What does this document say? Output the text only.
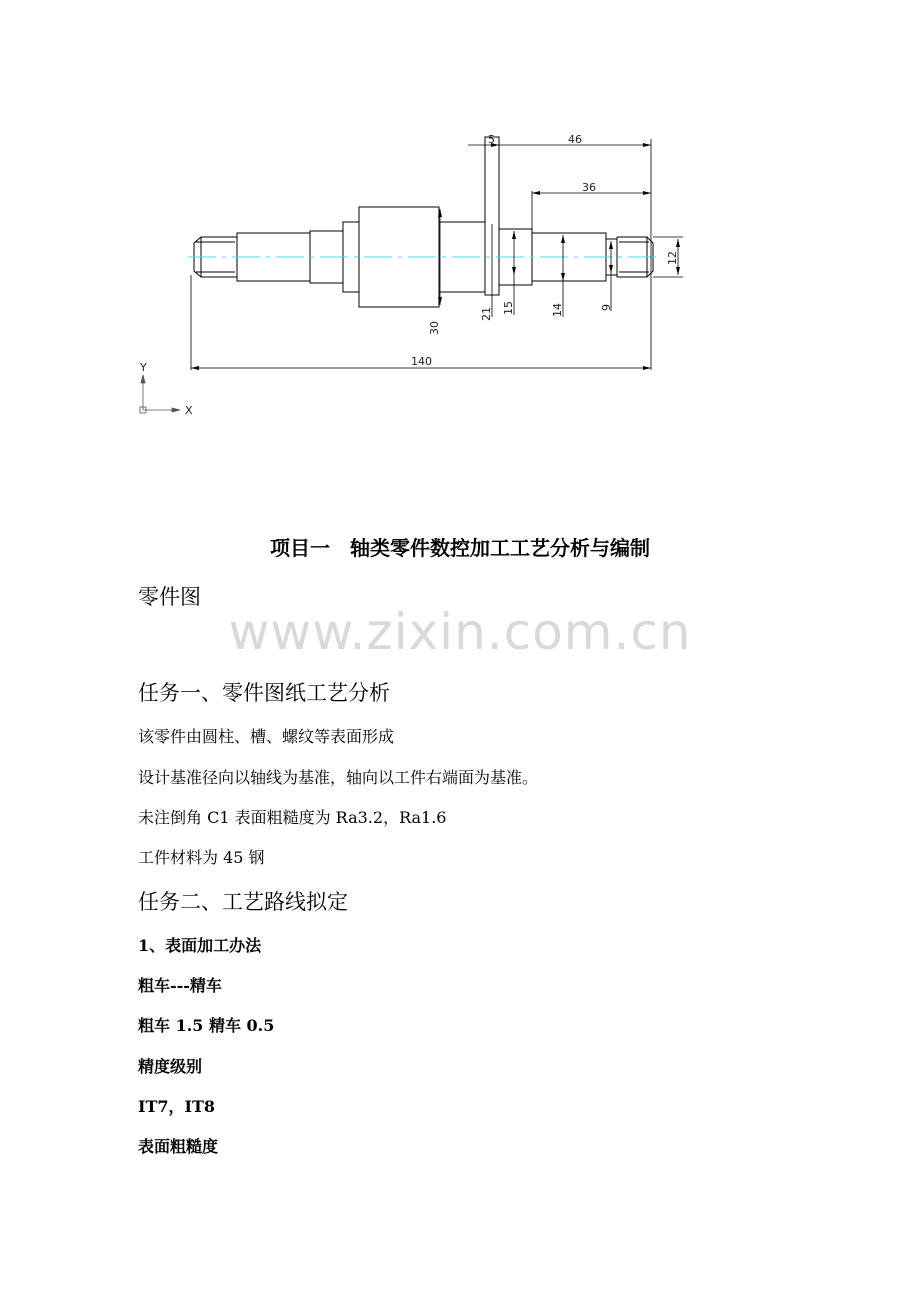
5	46
36
12
30
21 15	14	9
140
Y
X
项目一　轴类零件数控加工工艺分析与编制
零件图
www.zixin.com.cn
任务一、零件图纸工艺分析
该零件由圆柱、槽、螺纹等表面形成
设计基准径向以轴线为基准，轴向以工件右端面为基准。
未注倒角 C1 表面粗糙度为 Ra3.2，Ra1.6
工件材料为 45 钢
任务二、工艺路线拟定
1、表面加工办法
粗车---精车
粗车 1.5 精车 0.5
精度级别
IT7，IT8
表面粗糙度
